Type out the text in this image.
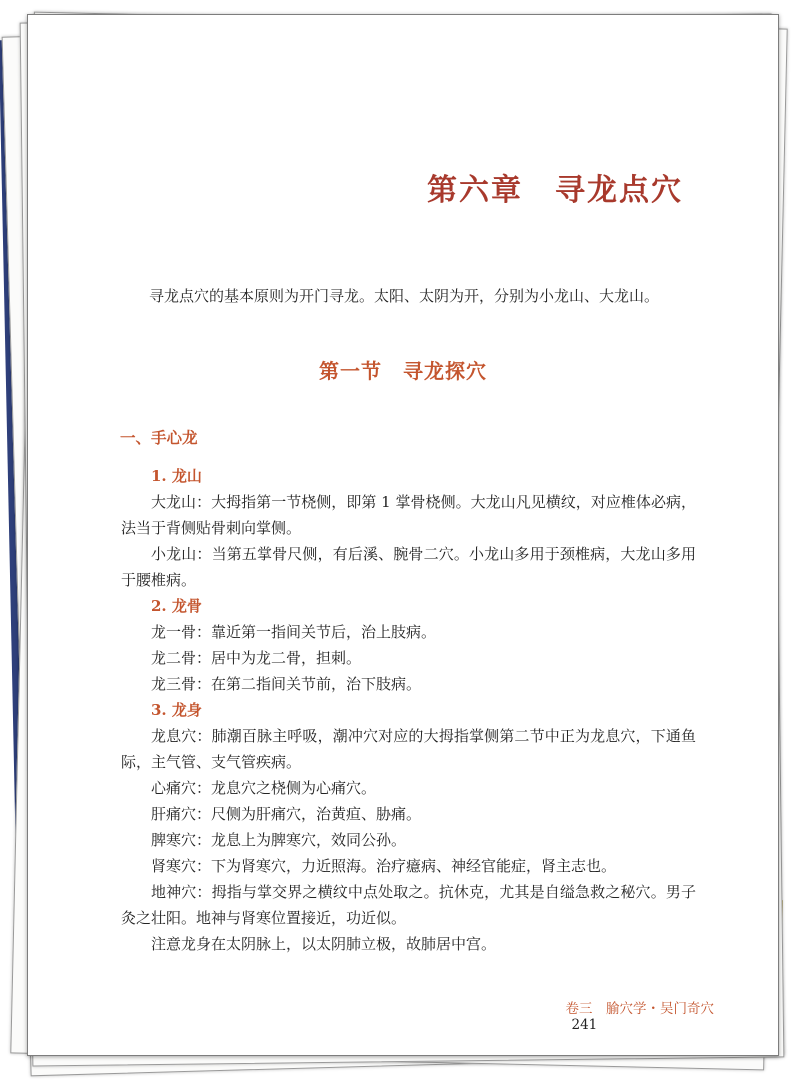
第六章　寻龙点穴

寻龙点穴的基本原则为开门寻龙。太阳、太阴为开，分别为小龙山、大龙山。

第一节　寻龙探穴
一、手心龙
1. 龙山

大龙山：大拇指第一节桡侧，即第 1 掌骨桡侧。大龙山凡见横纹，对应椎体必病，法当于背侧贴骨刺向掌侧。

小龙山：当第五掌骨尺侧，有后溪、腕骨二穴。小龙山多用于颈椎病，大龙山多用于腰椎病。

2. 龙骨

龙一骨：靠近第一指间关节后，治上肢病。

龙二骨：居中为龙二骨，担刺。

龙三骨：在第二指间关节前，治下肢病。

3. 龙身

龙息穴：肺潮百脉主呼吸，潮冲穴对应的大拇指掌侧第二节中正为龙息穴，下通鱼际，主气管、支气管疾病。

心痛穴：龙息穴之桡侧为心痛穴。

肝痛穴：尺侧为肝痛穴，治黄疸、胁痛。

脾寒穴：龙息上为脾寒穴，效同公孙。

肾寒穴：下为肾寒穴，力近照海。治疗癔病、神经官能症，肾主志也。

地神穴：拇指与掌交界之横纹中点处取之。抗休克，尤其是自缢急救之秘穴。男子灸之壮阳。地神与肾寒位置接近，功近似。

注意龙身在太阴脉上，以太阴肺立极，故肺居中宫。

卷三　腧穴学・吴门奇穴
241
